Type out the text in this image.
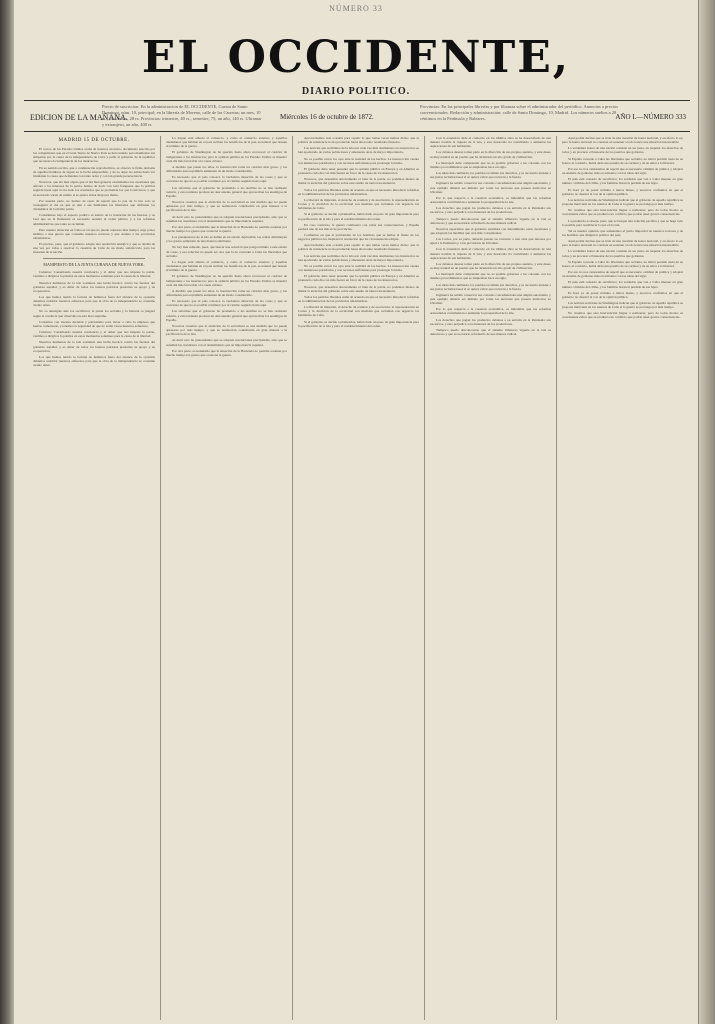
NÚMERO 33
EL OCCIDENTE,
DIARIO POLITICO.
EDICION DE LA MAÑANA.
Precio de suscricion: En la administracion de EL OCCIDENTE, Cuesta de Santo Domingo, núm. 10, principal; en la librería de Moreno, calle de las Carretas; un mes, 10 rs.; tres meses, 28 rs. Provincias: trimestre, 40 rs.; semestre, 75; un año, 140 rs. Ultramar y extranjero, un año, 400 rs.
Miércoles 16 de octubre de 1872.
Provincias: En las principales librerías y por libranza sobre el administrador del periódico. Anuncios a precios convencionales. Redacción y administración: calle de Santo Domingo, 10, Madrid. Los números sueltos a 20 céntimos en la Península y Baleares.	AÑO I.—NÚMERO 333
MADRID 15 DE OCTUBRE.

El correo de los Estados Unidos acaba de traernos un nuevo documento suscrito por los compatriotas que en el Gran Teatro de Nueva York se han reunido para manifestar sus simpatías por la causa de la independencia de Cuba y pedir al gobierno de la república que reconozca la beligerancia de los insurrectos.

En su sentido escrito, que a continuación reproducimos, se observa la firme decisión de aquellos hombres de seguir en la lucha emprendida, y de no dejar las armas hasta ver triunfante la causa que defienden con tanto ardor y con tan grande perseverancia.

Nosotros, que sin mas objeto que el del bien general, examinamos las cuestiones que afectan a los intereses de la patria, hemos de decir con toda franqueza que la política seguida hasta aquí no ha dado los resultados que se prometían los que la iniciaron, y que es necesario variar de rumbo si se quiere evitar mayores males.

Por nuestra parte, no hemos de cesar de repetir que la paz de la isla solo se conseguirá el día en que se den a sus habitantes las libertades que disfrutan los ciudadanos de la madre patria.

Considérese bajo el aspecto político el asunto de la traslación de las fuerzas, y se verá que en la Península es necesario atender al orden público y a las reformas administrativas que tanto se reclaman.

Pero nuestra situación en Cuba es tal que no puede tolerarse más tiempo; urge poner término a una guerra que consume nuestros recursos y que arruina a las provincias ultramarinas.

Es preciso, pues, que el gobierno adopte una resolución enérgica y que se decida de una vez por todas a resolver la cuestión de Cuba de un modo satisfactorio para los intereses de la nación.

MANIFIESTO DE LA JUNTA CUBANA DE NUEVA YORK.

Cubanos: Consultando nuestra conciencia y el deber que nos impone la patria, venimos a dirigiros la palabra en estos momentos solemnes para la causa de la libertad.

Nuestros hermanos de la isla sostienen una lucha heroica contra las fuerzas del gobierno español, y es deber de todos los buenos patriotas prestarles su apoyo y su cooperación.

Los que hemos tenido la fortuna de hallarnos fuera del alcance de la opresión debemos redoblar nuestros esfuerzos para que la obra de la independencia se consume cuanto antes.

No os detengáis ante los sacrificios; la patria los reclama y la historia os juzgará según la conducta que observéis en esta hora suprema.

Contamos con vuestra decisión y patriotismo para llevar a cabo la empresa que hemos comenzado, y tenemos la seguridad de que no serán vanos nuestros esfuerzos.

Cubanos: Consultando nuestra conciencia y el deber que nos impone la patria, venimos a dirigiros la palabra en estos momentos solemnes para la causa de la libertad.

Nuestros hermanos de la isla sostienen una lucha heroica contra las fuerzas del gobierno español, y es deber de todos los buenos patriotas prestarles su apoyo y su cooperación.

Los que hemos tenido la fortuna de hallarnos fuera del alcance de la opresión debemos redoblar nuestros esfuerzos para que la obra de la independencia se consume cuanto antes.

La tregua está abierta al comercio, y como el comercio exterior, y aquellos ciudadanos que habitan en el país reciben los beneficios de la paz, es natural que deseen el término de la guerra.

El gobierno de Washington no ha querido hasta ahora reconocer el carácter de beligerantes a los insurrectos; pero la opinión pública en los Estados Unidos se muestra cada día más favorable a la causa cubana.

A medida que pasan los años, la insurrección toma un carácter más grave, y las dificultades para reprimirla aumentan de un modo considerable.

Es necesario que el país conozca la verdadera situación de las cosas y que se convenza de que no es posible continuar por el camino seguido hasta aquí.

Las reformas que el gobierno ha prometido a las Antillas no se han realizado todavía, y esta tardanza produce un descontento general que aprovechan los enemigos de España.

Nosotros creemos que la abolición de la esclavitud es una medida que no puede aplazarse por más tiempo, y que su realización contribuiría en gran manera a la pacificación de la isla.

Al decir esto no pretendemos que se adopten resoluciones precipitadas, sino que se estudien las cuestiones con el detenimiento que su importancia requiere.

Por otra parte, es indudable que la situación de la Hacienda no permite sostener por mucho tiempo los gastos que ocasiona la guerra.

Los presupuestos de la isla se hallan en un estado deplorable; las rentas disminuyen y los gastos aumentan de una manera alarmante.

No hay más remedio, pues, que buscar una solución que ponga término a este estado de cosas, y esa solución no puede ser otra que la de conceder a Cuba las libertades que reclama.

La tregua está abierta al comercio, y como el comercio exterior, y aquellos ciudadanos que habitan en el país reciben los beneficios de la paz, es natural que deseen el término de la guerra.

El gobierno de Washington no ha querido hasta ahora reconocer el carácter de beligerantes a los insurrectos; pero la opinión pública en los Estados Unidos se muestra cada día más favorable a la causa cubana.

A medida que pasan los años, la insurrección toma un carácter más grave, y las dificultades para reprimirla aumentan de un modo considerable.

Es necesario que el país conozca la verdadera situación de las cosas y que se convenza de que no es posible continuar por el camino seguido hasta aquí.

Las reformas que el gobierno ha prometido a las Antillas no se han realizado todavía, y esta tardanza produce un descontento general que aprovechan los enemigos de España.

Nosotros creemos que la abolición de la esclavitud es una medida que no puede aplazarse por más tiempo, y que su realización contribuiría en gran manera a la pacificación de la isla.

Al decir esto no pretendemos que se adopten resoluciones precipitadas, sino que se estudien las cuestiones con el detenimiento que su importancia requiere.

Por otra parte, es indudable que la situación de la Hacienda no permite sostener por mucho tiempo los gastos que ocasiona la guerra.

Aprovechamos esta ocasión para repetir lo que tantas veces hemos dicho: que la política de resistencia no ha producido hasta ahora sino resultados funestos.

Las noticias que recibimos de la isla son cada vez más alarmantes; los insurrectos se han apoderado de varias poblaciones y amenazan otras de mayor importancia.

No es posible cerrar los ojos ante la realidad de los hechos. La insurrección cuenta con numerosos partidarios y con recursos suficientes para prolongar la lucha.

El gobierno debe tener presente que la opinión pública en Europa y en América se pronuncia cada día con más fuerza en favor de la causa de los insurrectos.

Nosotros, que deseamos sinceramente el bien de la patria, no podemos menos de llamar la atención del gobierno sobre este asunto de tanta trascendencia.

Todos los partidos liberales están de acuerdo en que es necesario introducir reformas en la administración de las provincias ultramarinas.

La libertad de imprenta, el derecho de reunión y de asociación, la representación en Cortes y la abolición de la esclavitud son medidas que reclaman con urgencia los habitantes de Cuba.

Si el gobierno se decide a plantearlas, habrá dado un paso de gran importancia para la pacificación de la isla y para el restablecimiento del orden.

En caso contrario, la guerra continuará con todas sus consecuencias, y España perderá una de sus más ricas provincias.

Confiamos en que el patriotismo de los hombres que se hallan al frente de los negocios públicos les inspirará la resolución que las circunstancias exigen.

Aprovechamos esta ocasión para repetir lo que tantas veces hemos dicho: que la política de resistencia no ha producido hasta ahora sino resultados funestos.

Las noticias que recibimos de la isla son cada vez más alarmantes; los insurrectos se han apoderado de varias poblaciones y amenazan otras de mayor importancia.

No es posible cerrar los ojos ante la realidad de los hechos. La insurrección cuenta con numerosos partidarios y con recursos suficientes para prolongar la lucha.

El gobierno debe tener presente que la opinión pública en Europa y en América se pronuncia cada día con más fuerza en favor de la causa de los insurrectos.

Nosotros, que deseamos sinceramente el bien de la patria, no podemos menos de llamar la atención del gobierno sobre este asunto de tanta trascendencia.

Todos los partidos liberales están de acuerdo en que es necesario introducir reformas en la administración de las provincias ultramarinas.

La libertad de imprenta, el derecho de reunión y de asociación, la representación en Cortes y la abolición de la esclavitud son medidas que reclaman con urgencia los habitantes de Cuba.

Si el gobierno se decide a plantearlas, habrá dado un paso de gran importancia para la pacificación de la isla y para el restablecimiento del orden.

Con la extensión dada al comercio en los últimos años se ha desarrollado de una manera notable la riqueza de la isla, y este desarrollo ha contribuido a aumentar las aspiraciones de sus habitantes.

Los cubanos desean tomar parte en la dirección de sus propios asuntos, y este deseo es muy natural en un pueblo que ha alcanzado un alto grado de civilización.

La metrópoli debe comprender que no es posible gobernar a las colonias con los mismos procedimientos que se empleaban hace un siglo.

Las ideas han cambiado; los pueblos reclaman sus derechos, y es necesario atender a sus justas reclamaciones si se quiere evitar que recurran a la fuerza.

Inglaterra ha sabido conservar sus colonias concediéndoles una amplia autonomía, y este ejemplo debería ser imitado por todas las naciones que poseen territorios en Ultramar.

Por lo que respecta a la cuestión económica, es indudable que las reformas arancelarias contribuirían a aumentar la prosperidad de la isla.

Los derechos que pagan los productos cubanos a su entrada en la Península son excesivos, y esto perjudica a los intereses de los productores.

Tampoco puede desconocerse que el sistema tributario vigente en la isla es defectuoso y que es necesario reformarlo de una manera radical.

Nosotros esperamos que el gobierno estudiará con detenimiento estas cuestiones y que adoptará las medidas que crea más convenientes.

Las Cortes, por su parte, deberán prestar su concurso a una obra que interesa por igual a la Península y a las provincias de Ultramar.

Con la extensión dada al comercio en los últimos años se ha desarrollado de una manera notable la riqueza de la isla, y este desarrollo ha contribuido a aumentar las aspiraciones de sus habitantes.

Los cubanos desean tomar parte en la dirección de sus propios asuntos, y este deseo es muy natural en un pueblo que ha alcanzado un alto grado de civilización.

La metrópoli debe comprender que no es posible gobernar a las colonias con los mismos procedimientos que se empleaban hace un siglo.

Las ideas han cambiado; los pueblos reclaman sus derechos, y es necesario atender a sus justas reclamaciones si se quiere evitar que recurran a la fuerza.

Inglaterra ha sabido conservar sus colonias concediéndoles una amplia autonomía, y este ejemplo debería ser imitado por todas las naciones que poseen territorios en Ultramar.

Por lo que respecta a la cuestión económica, es indudable que las reformas arancelarias contribuirían a aumentar la prosperidad de la isla.

Los derechos que pagan los productos cubanos a su entrada en la Península son excesivos, y esto perjudica a los intereses de los productores.

Tampoco puede desconocerse que el sistema tributario vigente en la isla es defectuoso y que es necesario reformarlo de una manera radical.

Aquí podría decirse que se trata de una cuestión de honra nacional, y en efecto lo es; pero la honra nacional no consiste en sostener a todo trance una situación insostenible.

La verdadera honra de una nación consiste en ser justa, en respetar los derechos de todos y en procurar el bienestar de los pueblos que gobierna.

Si España concede a Cuba las libertades que reclama, no habrá perdido nada de su honra; al contrario, habrá dado una prueba de su cordura y de su amor a la libertad.

Por eso no nos cansaremos de repetir que es necesario cambiar de política y adoptar un sistema de gobierno más en armonía con las ideas del siglo.

El país está cansado de sacrificios; los soldados que van a Cuba mueren en gran número víctimas del clima, y las familias lloran la pérdida de sus hijos.

Es hora ya de poner término a tantos males, y nosotros confiamos en que el gobierno no desoirá la voz de la opinión pública.

Las noticias recibidas de Washington indican que el gobierno de aquella república se propone intervenir en los asuntos de Cuba si la guerra se prolonga por más tiempo.

No creemos que esta intervención llegue a realizarse; pero de todos modos es conveniente evitar que se produzca un conflicto que podría tener graves consecuencias.

La prudencia aconseja, pues, que se busque una solución pacífica y que se haga todo lo posible para restablecer la paz en la isla.

Tal es nuestra opinión, que sometemos al juicio imparcial de nuestros lectores y de los hombres que dirigen la política del país.

Aquí podría decirse que se trata de una cuestión de honra nacional, y en efecto lo es; pero la honra nacional no consiste en sostener a todo trance una situación insostenible.

La verdadera honra de una nación consiste en ser justa, en respetar los derechos de todos y en procurar el bienestar de los pueblos que gobierna.

Si España concede a Cuba las libertades que reclama, no habrá perdido nada de su honra; al contrario, habrá dado una prueba de su cordura y de su amor a la libertad.

Por eso no nos cansaremos de repetir que es necesario cambiar de política y adoptar un sistema de gobierno más en armonía con las ideas del siglo.

El país está cansado de sacrificios; los soldados que van a Cuba mueren en gran número víctimas del clima, y las familias lloran la pérdida de sus hijos.

Es hora ya de poner término a tantos males, y nosotros confiamos en que el gobierno no desoirá la voz de la opinión pública.

Las noticias recibidas de Washington indican que el gobierno de aquella república se propone intervenir en los asuntos de Cuba si la guerra se prolonga por más tiempo.

No creemos que esta intervención llegue a realizarse; pero de todos modos es conveniente evitar que se produzca un conflicto que podría tener graves consecuencias.
